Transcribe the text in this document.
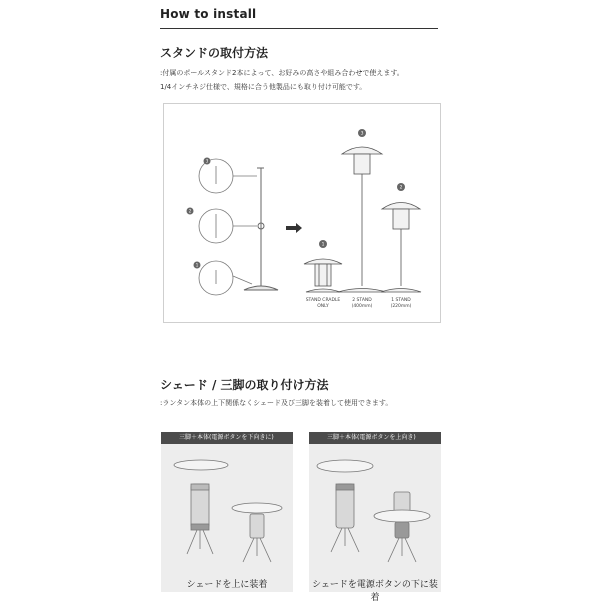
How to install
スタンドの取付方法
:付属のポールスタンド2本によって、お好みの高さや組み合わせで使えます。
1/4インチネジ仕様で、規格に合う他製品にも取り付け可能です。
3
2
1
1
3
2
STAND CRADLE
ONLY
2 STAND
(400mm)
1 STAND
(220mm)
シェード / 三脚の取り付け方法
:ランタン本体の上下関係なくシェード及び三脚を装着して使用できます。
三脚＋本体(電源ボタンを下向きに)
シェードを上に装着
三脚＋本体(電源ボタンを上向き)
シェードを電源ボタンの下に装着
